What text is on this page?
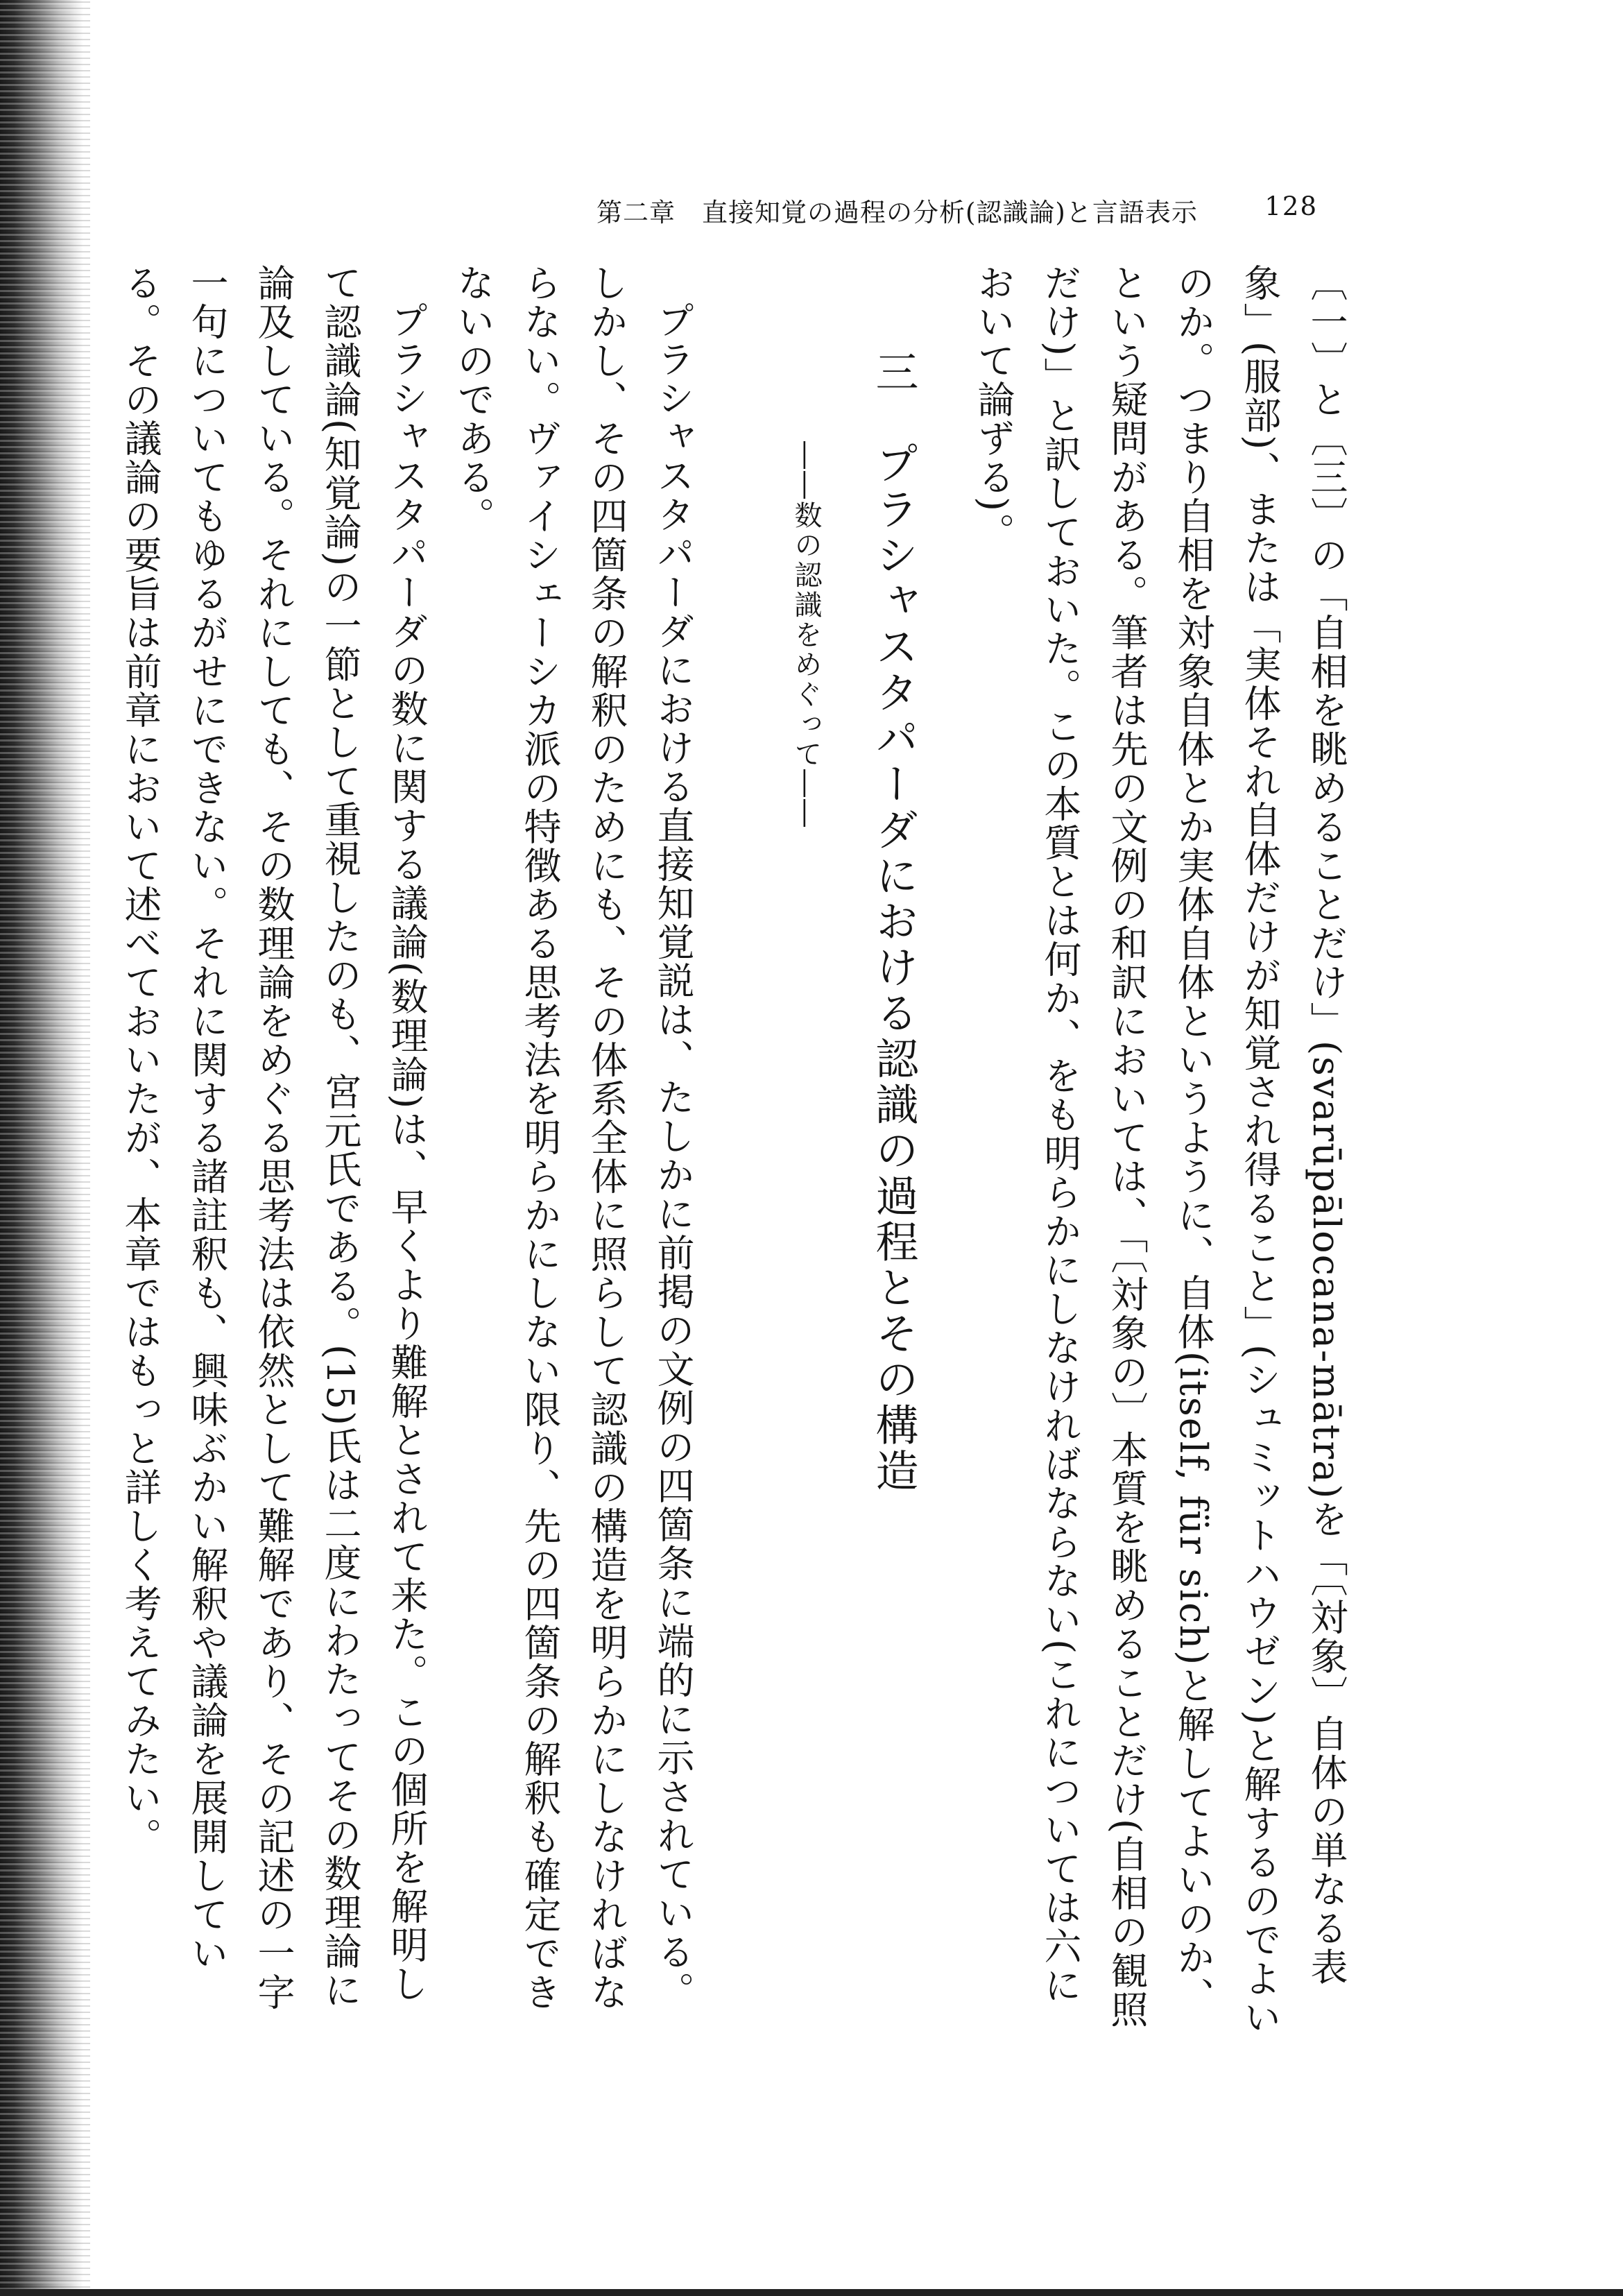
第二章　直接知覚の過程の分析(認識論)と言語表示	128

〔一〕と〔三〕の「自相を眺めることだけ」(svarūpālocana-mātra)を「〔対象〕自体の単なる表象」(服部)、または「実体それ自体だけが知覚され得ること」(シュミットハウゼン)と解するのでよいのか。つまり自相を対象自体とか実体自体というように、自体(itself, für sich)と解してよいのか、という疑問がある。筆者は先の文例の和訳においては、「〔対象の〕本質を眺めることだけ(自相の観照だけ)」と訳しておいた。この本質とは何か、をも明らかにしなければならない(これについては六において論ずる)。

三　プラシャスタパーダにおける認識の過程とその構造

――数の認識をめぐって――

プラシャスタパーダにおける直接知覚説は、たしかに前掲の文例の四箇条に端的に示されている。しかし、その四箇条の解釈のためにも、その体系全体に照らして認識の構造を明らかにしなければならない。ヴァイシェーシカ派の特徴ある思考法を明らかにしない限り、先の四箇条の解釈も確定できないのである。

プラシャスタパーダの数に関する議論(数理論)は、早くより難解とされて来た。この個所を解明して認識論(知覚論)の一節として重視したのも、宮元氏である。(15)氏は二度にわたってその数理論に論及している。それにしても、その数理論をめぐる思考法は依然として難解であり、その記述の一字一句についてもゆるがせにできない。それに関する諸註釈も、興味ぶかい解釈や議論を展開している。その議論の要旨は前章において述べておいたが、本章ではもっと詳しく考えてみたい。
